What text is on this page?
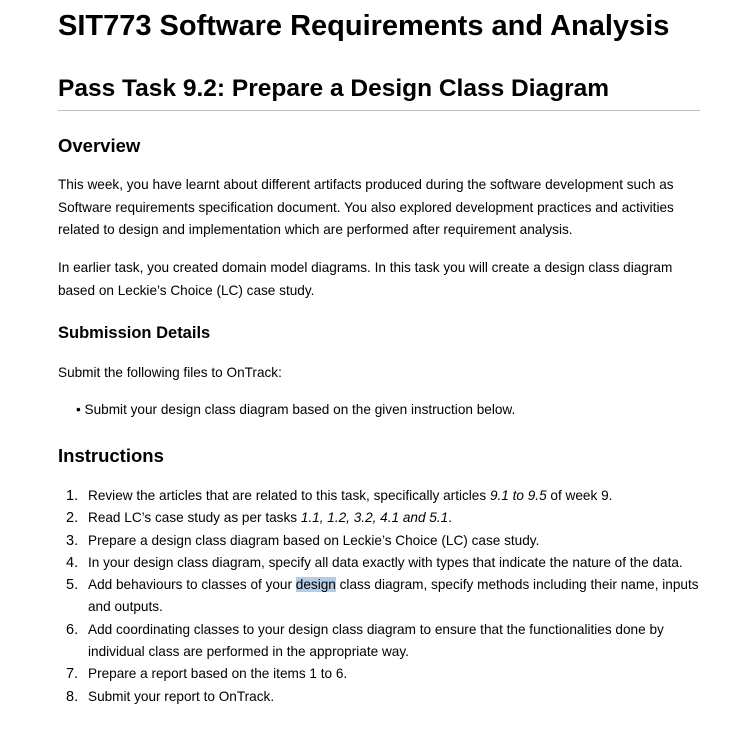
SIT773 Software Requirements and Analysis
Pass Task 9.2: Prepare a Design Class Diagram
Overview

This week, you have learnt about different artifacts produced during the software development such as Software requirements specification document. You also explored development practices and activities related to design and implementation which are performed after requirement analysis.

In earlier task, you created domain model diagrams. In this task you will create a design class diagram based on Leckie’s Choice (LC) case study.

Submission Details

Submit the following files to OnTrack:

• Submit your design class diagram based on the given instruction below.
Instructions
1. Review the articles that are related to this task, specifically articles 9.1 to 9.5 of week 9.
2. Read LC’s case study as per tasks 1.1, 1.2, 3.2, 4.1 and 5.1.
3. Prepare a design class diagram based on Leckie’s Choice (LC) case study.
4. In your design class diagram, specify all data exactly with types that indicate the nature of the data.
5. Add behaviours to classes of your design class diagram, specify methods including their name, inputs and outputs.
6. Add coordinating classes to your design class diagram to ensure that the functionalities done by individual class are performed in the appropriate way.
7. Prepare a report based on the items 1 to 6.
8. Submit your report to OnTrack.
